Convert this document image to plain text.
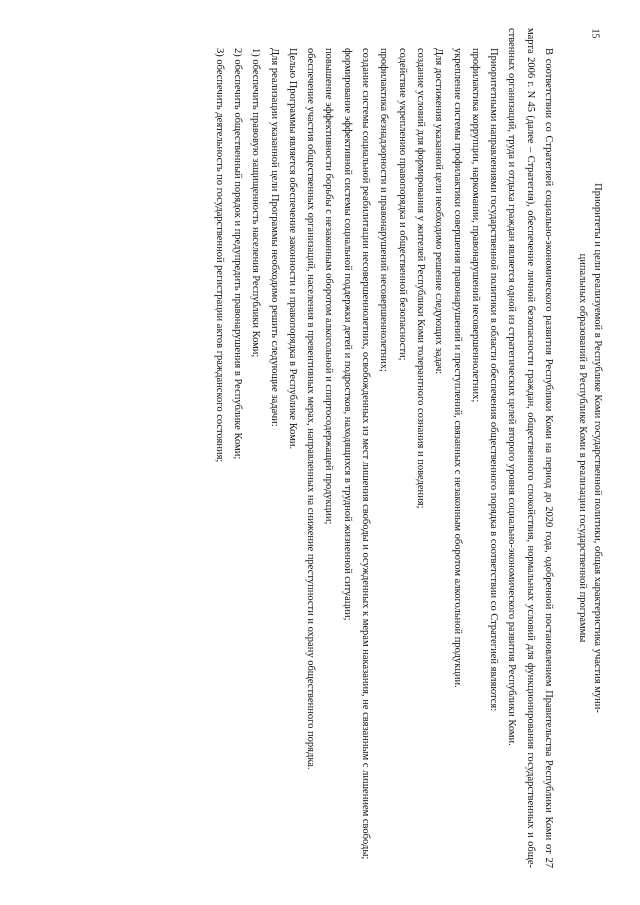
15

Приоритеты и цели реализуемой в Республике Коми государственной политики, общая характеристика участия муни-

ципальных образований в Республике Коми в реализации государственной программы

В соответствии со Стратегией социально-экономического развития Республики Коми на период до 2020 года, одобренной постановлением Правительства Республики Коми от 27 марта 2006 г. N 45 (далее – Стратегия), обеспечение личной безопасности граждан, общественного спокойствия, нормальных условий для функционирования государственных и общественных организаций, труда и отдыха граждан является одной из стратегических целей второго уровня социально-экономического развития Республики Коми.

Приоритетными направлениями государственной политики в области обеспечения общественного порядка в соответствии со Стратегией являются:

профилактика коррупции, наркомании, правонарушений несовершеннолетних;

укрепление системы профилактики совершения правонарушений и преступлений, связанных с незаконным оборотом алкогольной продукции.

Для достижения указанной цели необходимо решение следующих задач:

создание условий для формирования у жителей Республики Коми толерантного сознания и поведения;

содействие укреплению правопорядка и общественной безопасности;

профилактика безнадзорности и правонарушений несовершеннолетних;

создание системы социальной реабилитации несовершеннолетних, освобожденных из мест лишения свободы и осужденных к мерам наказания, не связанным с лишением свободы;

формирование эффективной системы социальной поддержки детей и подростков, находящихся в трудной жизненной ситуации;

повышение эффективности борьбы с незаконным оборотом алкогольной и спиртосодержащей продукции;

обеспечение участия общественных организаций, населения в превентивных мерах, направленных на снижение преступности и охрану общественного порядка.

Целью Программы является обеспечение законности и правопорядка в Республике Коми.

Для реализации указанной цели Программы необходимо решить следующие задачи:

1) обеспечить правовую защищенность населения Республики Коми;

2) обеспечить общественный порядок и предупредить правонарушения в Республике Коми;

3) обеспечить деятельность по государственной регистрации актов гражданского состояния;
